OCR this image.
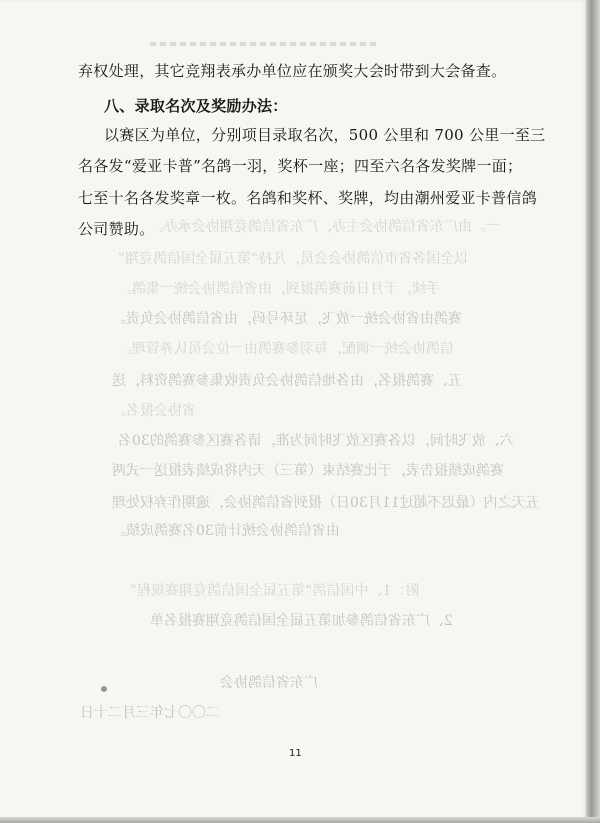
一。由广东省信鸽协会主办，广东省信鸽竞翔协会承办。
以全国各省市信鸽协会会员，凡持“第五届全国信鸽竞翔”
手续，于月日前赛鸽报到，由省信鸽协会统一集鸽。
赛鸽由省协会统一放飞，足环号码，由省信鸽协会负责。
信鸽协会统一调配，每羽参赛鸽由一位会员认养管理。
五、赛鸽报名，由各地信鸽协会负责收集参赛鸽资料，送
省协会报名。
六、放飞时间，以各赛区放飞时间为准，请各赛区参赛鸽的30名
赛鸽成绩报告表，于比赛结束（第三）天内将成绩表报送一式两
五天之内（最迟不超过11月30日）报到省信鸽协会，逾期作弃权处理
由省信鸽协会统计前30名赛鸽成绩。
附：1、中国信鸽“第五届全国信鸽竞翔赛规程”
2、广东省信鸽参加第五届全国信鸽竞翔赛报名单
广东省信鸽协会
二〇〇七年三月二十日
弃权处理，其它竞翔表承办单位应在颁奖大会时带到大会备查。
八、录取名次及奖励办法：
以赛区为单位，分别项目录取名次，500 公里和 700 公里一至三
名各发“爱亚卡普”名鸽一羽，奖杯一座；四至六名各发奖牌一面；
七至十名各发奖章一枚。名鸽和奖杯、奖牌，均由潮州爱亚卡普信鸽
公司赞助。
11
